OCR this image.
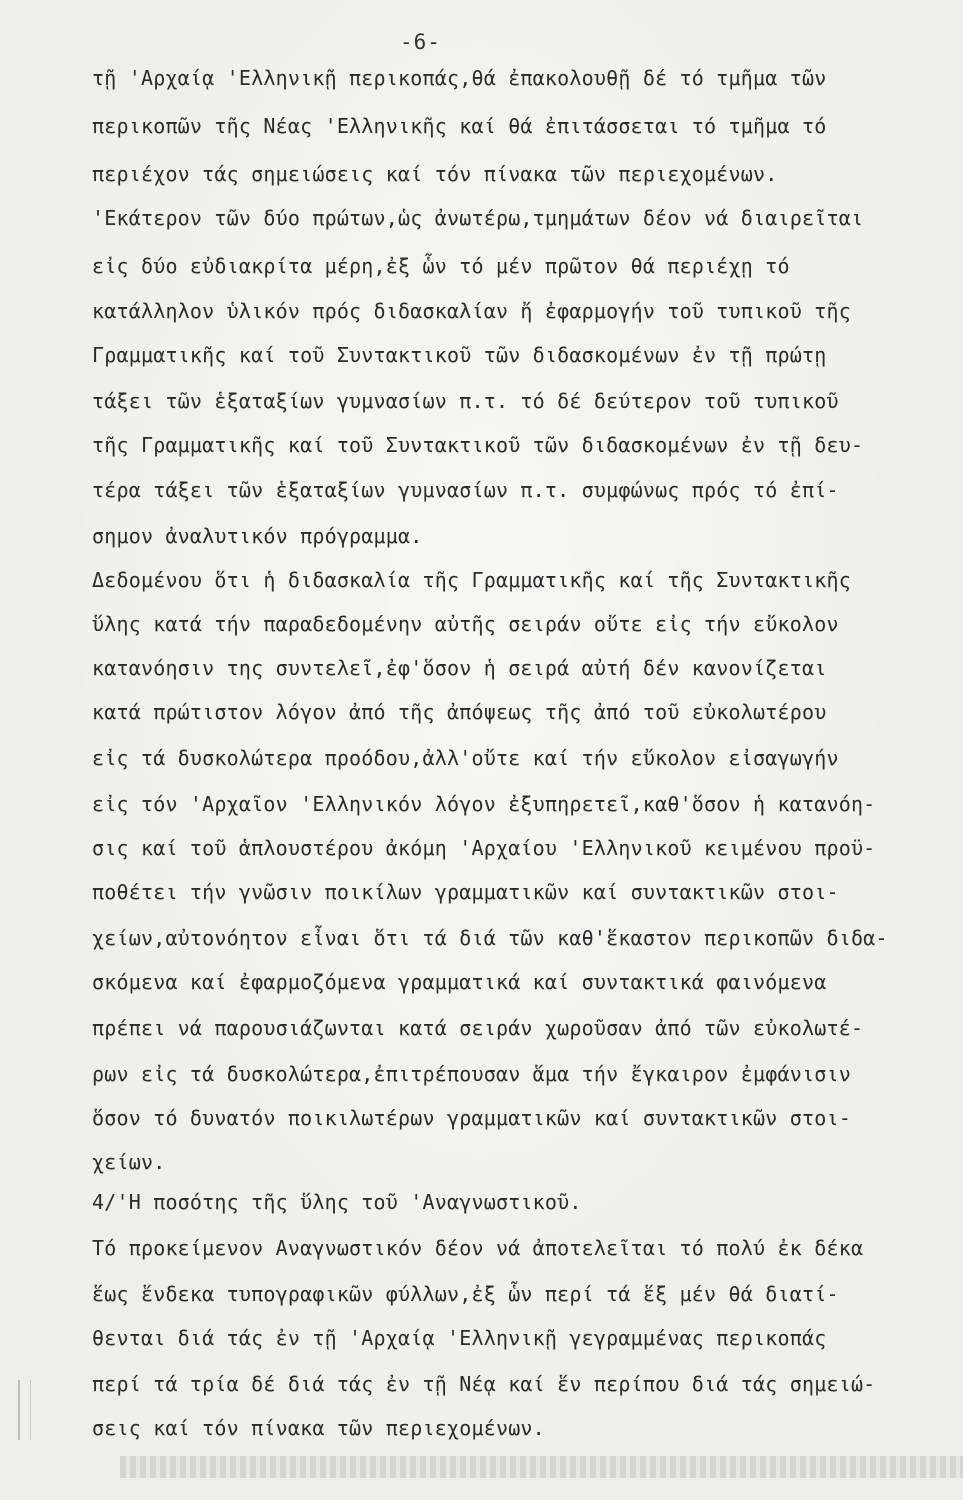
-6-
τῇ 'Αρχαίᾳ 'Ελληνικῇ περικοπάς,θά ἐπακολουθῇ δέ τό τμῆμα τῶν
περικοπῶν τῆς Νέας 'Ελληνικῆς καί θά ἐπιτάσσεται τό τμῆμα τό
περιέχον τάς σημειώσεις καί τόν πίνακα τῶν περιεχομένων.
'Εκάτερον τῶν δύο πρώτων,ὡς ἀνωτέρω,τμημάτων δέον νά διαιρεῖται
εἰς δύο εὐδιακρίτα μέρη,ἐξ ὧν τό μέν πρῶτον θά περιέχῃ τό
κατάλληλον ὑλικόν πρός διδασκαλίαν ἤ ἐφαρμογήν τοῦ τυπικοῦ τῆς
Γραμματικῆς καί τοῦ Συντακτικοῦ τῶν διδασκομένων ἐν τῇ πρώτῃ
τάξει τῶν ἑξαταξίων γυμνασίων π.τ. τό δέ δεύτερον τοῦ τυπικοῦ
τῆς Γραμματικῆς καί τοῦ Συντακτικοῦ τῶν διδασκομένων ἐν τῇ δευ-
τέρα τάξει τῶν ἑξαταξίων γυμνασίων π.τ. συμφώνως πρός τό ἐπί-
σημον ἀναλυτικόν πρόγραμμα.
Δεδομένου ὅτι ἡ διδασκαλία τῆς Γραμματικῆς καί τῆς Συντακτικῆς
ὕλης κατά τήν παραδεδομένην αὐτῆς σειράν οὔτε εἰς τήν εὔκολον
κατανόησιν της συντελεῖ,ἐφ'ὅσον ἡ σειρά αὐτή δέν κανονίζεται
κατά πρώτιστον λόγον ἀπό τῆς ἀπόψεως τῆς ἀπό τοῦ εὐκολωτέρου
εἰς τά δυσκολώτερα προόδου,ἀλλ'οὔτε καί τήν εὔκολον εἰσαγωγήν
εἰς τόν 'Αρχαῖον 'Ελληνικόν λόγον ἐξυπηρετεῖ,καθ'ὅσον ἡ κατανόη-
σις καί τοῦ ἁπλουστέρου ἀκόμη 'Αρχαίου 'Ελληνικοῦ κειμένου προϋ-
ποθέτει τήν γνῶσιν ποικίλων γραμματικῶν καί συντακτικῶν στοι-
χείων,αὐτονόητον εἶναι ὅτι τά διά τῶν καθ'ἕκαστον περικοπῶν διδα-
σκόμενα καί ἐφαρμοζόμενα γραμματικά καί συντακτικά φαινόμενα
πρέπει νά παρουσιάζωνται κατά σειράν χωροῦσαν ἀπό τῶν εὐκολωτέ-
ρων εἰς τά δυσκολώτερα,ἐπιτρέπουσαν ἅμα τήν ἔγκαιρον ἐμφάνισιν
ὅσον τό δυνατόν ποικιλωτέρων γραμματικῶν καί συντακτικῶν στοι-
χείων.
4/'Η ποσότης τῆς ὕλης τοῦ 'Αναγνωστικοῦ.
Τό προκείμενον Αναγνωστικόν δέον νά ἀποτελεῖται τό πολύ ἐκ δέκα
ἕως ἕνδεκα τυπογραφικῶν φύλλων,ἐξ ὧν περί τά ἕξ μέν θά διατί-
θενται διά τάς ἐν τῇ 'Αρχαίᾳ 'Ελληνικῇ γεγραμμένας περικοπάς
περί τά τρία δέ διά τάς ἐν τῇ Νέᾳ καί ἕν περίπου διά τάς σημειώ-
σεις καί τόν πίνακα τῶν περιεχομένων.
